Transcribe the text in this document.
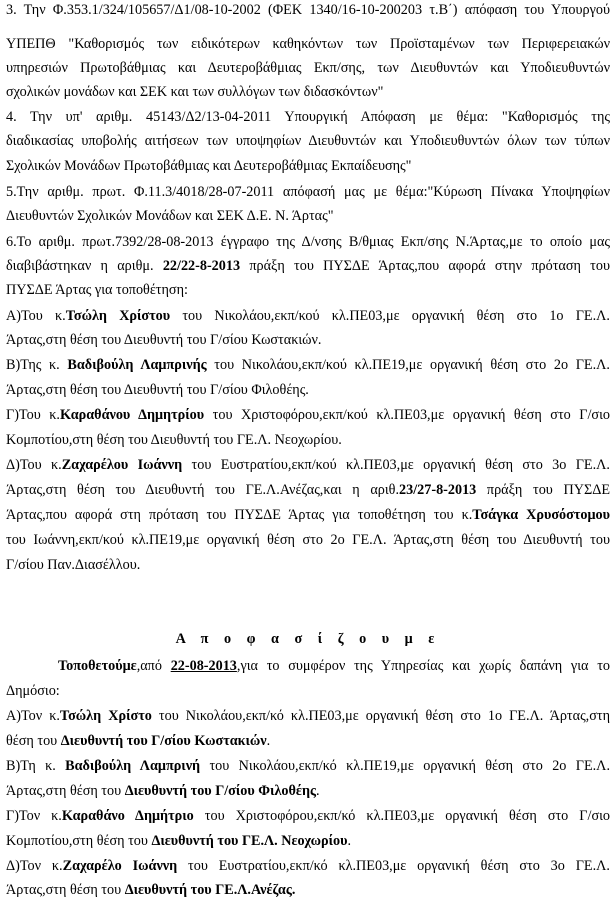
3. Την Φ.353.1/324/105657/Δ1/08-10-2002 (ΦΕΚ 1340/16-10-200203 τ.Β΄) απόφαση του Υπουργού
ΥΠΕΠΘ "Καθορισμός των ειδικότερων καθηκόντων των Προϊσταμένων των Περιφερειακών
υπηρεσιών Πρωτοβάθμιας και Δευτεροβάθμιας Εκπ/σης, των Διευθυντών και Υποδιευθυντών
σχολικών μονάδων και ΣΕΚ και των συλλόγων των διδασκόντων"
4. Την υπ' αριθμ. 45143/Δ2/13-04-2011 Υπουργική Απόφαση με θέμα: "Καθορισμός της
διαδικασίας υποβολής αιτήσεων των υποψηφίων Διευθυντών και Υποδιευθυντών όλων των τύπων
Σχολικών Μονάδων Πρωτοβάθμιας και Δευτεροβάθμιας Εκπαίδευσης"
5.Την αριθμ. πρωτ. Φ.11.3/4018/28-07-2011 απόφασή μας με θέμα:"Κύρωση Πίνακα Υποψηφίων
Διευθυντών Σχολικών Μονάδων και ΣΕΚ Δ.Ε. Ν. Άρτας"
6.Το αριθμ. πρωτ.7392/28-08-2013 έγγραφο της Δ/νσης Β/θμιας Εκπ/σης Ν.Άρτας,με το οποίο μας
διαβιβάστηκαν η αριθμ. 22/22-8-2013 πράξη του ΠΥΣΔΕ Άρτας,που αφορά στην πρόταση του
ΠΥΣΔΕ Άρτας για τοποθέτηση:
Α)Του κ.Τσώλη Χρίστου του Νικολάου,εκπ/κού κλ.ΠΕ03,με οργανική θέση στο 1ο ΓΕ.Λ.
Άρτας,στη θέση του Διευθυντή του Γ/σίου Κωστακιών.
Β)Της κ. Βαδιβούλη Λαμπρινής του Νικολάου,εκπ/κού κλ.ΠΕ19,με οργανική θέση στο 2ο ΓΕ.Λ.
Άρτας,στη θέση του Διευθυντή του Γ/σίου Φιλοθέης.
Γ)Του κ.Καραθάνου Δημητρίου του Χριστοφόρου,εκπ/κού κλ.ΠΕ03,με οργανική θέση στο Γ/σιο
Κομποτίου,στη θέση του Διευθυντή του ΓΕ.Λ. Νεοχωρίου.
Δ)Του κ.Ζαχαρέλου Ιωάννη του Ευστρατίου,εκπ/κού κλ.ΠΕ03,με οργανική θέση στο 3ο ΓΕ.Λ.
Άρτας,στη θέση του Διευθυντή του ΓΕ.Λ.Ανέζας,και η αριθ.23/27-8-2013 πράξη του ΠΥΣΔΕ
Άρτας,που αφορά στη πρόταση του ΠΥΣΔΕ Άρτας για τοποθέτηση του κ.Τσάγκα Χρυσόστομου
του Ιωάννη,εκπ/κού κλ.ΠΕ19,με οργανική θέση στο 2ο ΓΕ.Λ. Άρτας,στη θέση του Διευθυντή του
Γ/σίου Παν.Διασέλλου.
Α π ο φ α σ ί ζ ο υ μ ε
Τοποθετούμε,από 22-08-2013,για το συμφέρον της Υπηρεσίας και χωρίς δαπάνη για το
Δημόσιο:
Α)Τον κ.Τσώλη Χρίστο του Νικολάου,εκπ/κό κλ.ΠΕ03,με οργανική θέση στο 1ο ΓΕ.Λ. Άρτας,στη
θέση του Διευθυντή του Γ/σίου Κωστακιών.
Β)Τη κ. Βαδιβούλη Λαμπρινή του Νικολάου,εκπ/κό κλ.ΠΕ19,με οργανική θέση στο 2ο ΓΕ.Λ.
Άρτας,στη θέση του Διευθυντή του Γ/σίου Φιλοθέης.
Γ)Τον κ.Καραθάνο Δημήτριο του Χριστοφόρου,εκπ/κό κλ.ΠΕ03,με οργανική θέση στο Γ/σιο
Κομποτίου,στη θέση του Διευθυντή του ΓΕ.Λ. Νεοχωρίου.
Δ)Τον κ.Ζαχαρέλο Ιωάννη του Ευστρατίου,εκπ/κό κλ.ΠΕ03,με οργανική θέση στο 3ο ΓΕ.Λ.
Άρτας,στη θέση του Διευθυντή του ΓΕ.Λ.Ανέζας.
